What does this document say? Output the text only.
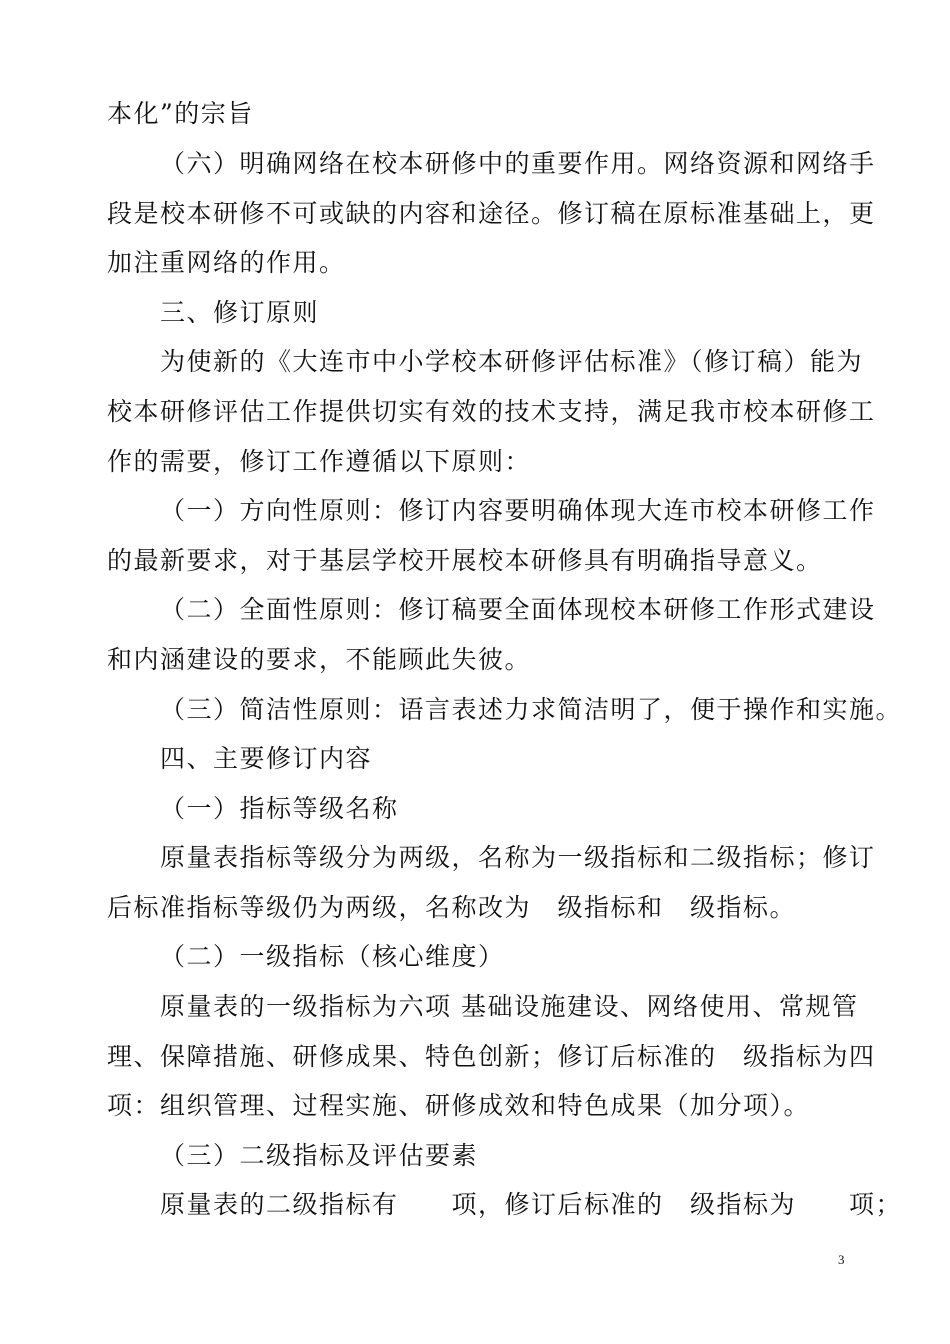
本化”的宗旨
（六）明确网络在校本研修中的重要作用。网络资源和网络手
段是校本研修不可或缺的内容和途径。修订稿在原标准基础上，更
加注重网络的作用。
三、修订原则
为使新的《大连市中小学校本研修评估标准》（修订稿）能为
校本研修评估工作提供切实有效的技术支持，满足我市校本研修工
作的需要，修订工作遵循以下原则：
（一）方向性原则：修订内容要明确体现大连市校本研修工作
的最新要求，对于基层学校开展校本研修具有明确指导意义。
（二）全面性原则：修订稿要全面体现校本研修工作形式建设
和内涵建设的要求，不能顾此失彼。
（三）简洁性原则：语言表述力求简洁明了，便于操作和实施。
四、主要修订内容
（一）指标等级名称
原量表指标等级分为两级，名称为一级指标和二级指标；修订
后标准指标等级仍为两级，名称改为　级指标和　级指标。
（二）一级指标（核心维度）
原量表的一级指标为六项 基础设施建设、网络使用、常规管
理、保障措施、研修成果、特色创新；修订后标准的　级指标为四
项：组织管理、过程实施、研修成效和特色成果（加分项）。
（三）二级指标及评估要素
原量表的二级指标有　　项，修订后标准的　级指标为　　项；
3
